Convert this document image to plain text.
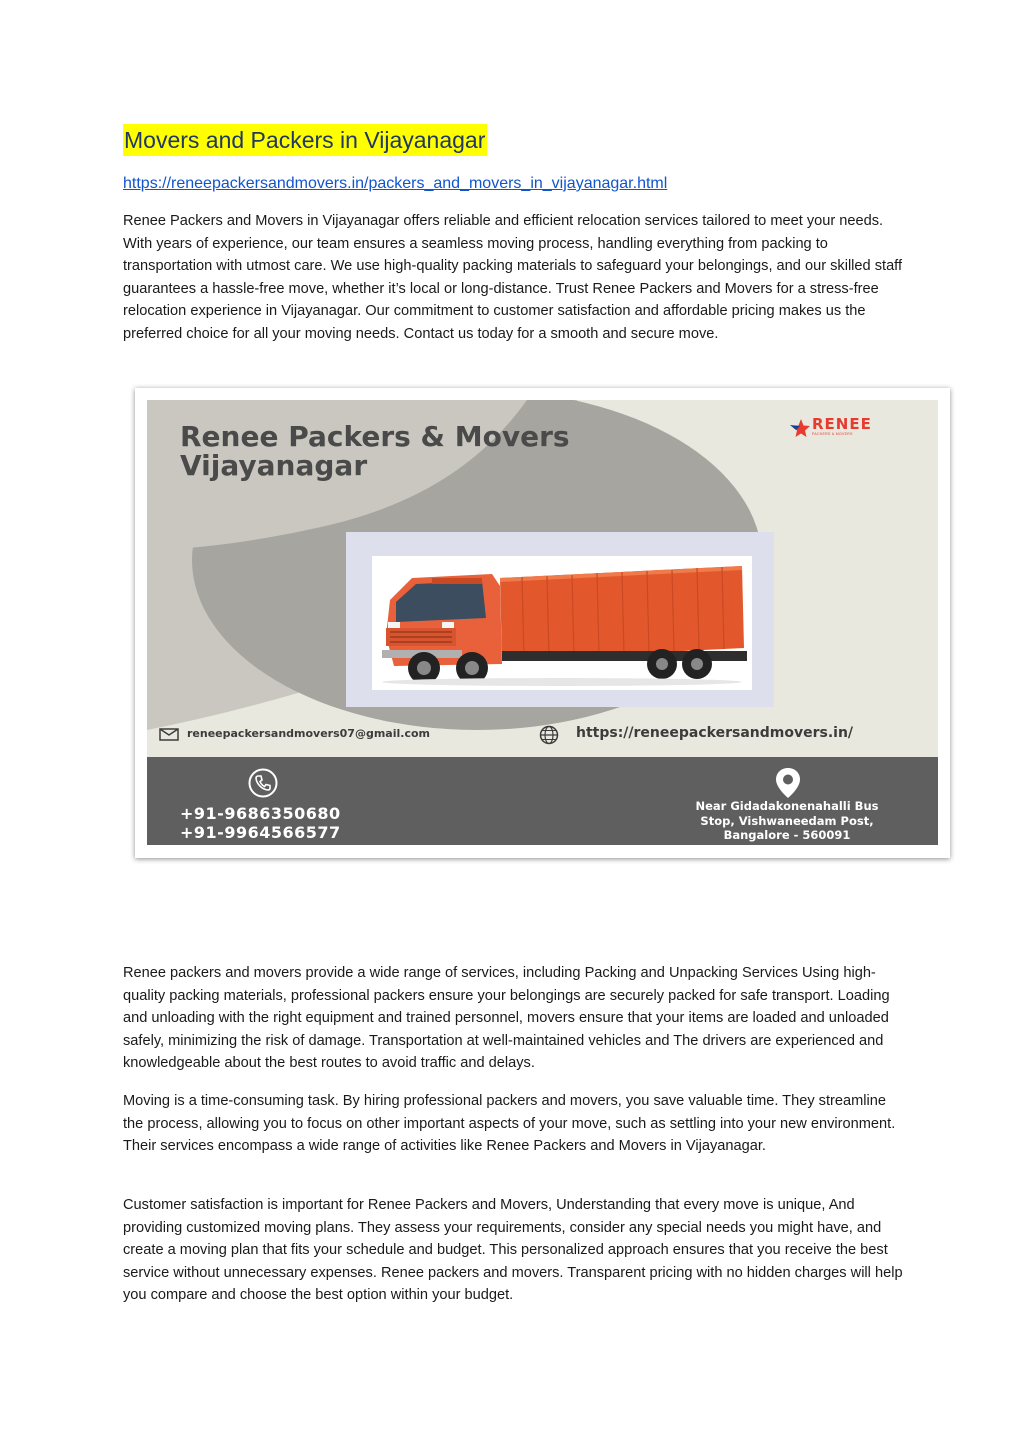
Movers and Packers in Vijayanagar
https://reneepackersandmovers.in/packers_and_movers_in_vijayanagar.html

Renee Packers and Movers in Vijayanagar offers reliable and efficient relocation services tailored to meet your needs. With years of experience, our team ensures a seamless moving process, handling everything from packing to transportation with utmost care. We use high-quality packing materials to safeguard your belongings, and our skilled staff guarantees a hassle-free move, whether it’s local or long-distance. Trust Renee Packers and Movers for a stress-free relocation experience in Vijayanagar. Our commitment to customer satisfaction and affordable pricing makes us the preferred choice for all your moving needs. Contact us today for a smooth and secure move.

Renee Packers & Movers
Vijayanagar

RENEE
PACKERS & MOVERS
reneepackersandmovers07@gmail.com	https://reneepackersandmovers.in/
+91-9686350680
+91-9964566577

Near Gidadakonenahalli Bus
Stop, Vishwaneedam Post,
Bangalore - 560091

Renee packers and movers provide a wide range of services, including Packing and Unpacking Services Using high-quality packing materials, professional packers ensure your belongings are securely packed for safe transport. Loading and unloading with the right equipment and trained personnel, movers ensure that your items are loaded and unloaded safely, minimizing the risk of damage. Transportation at well-maintained vehicles and The drivers are experienced and knowledgeable about the best routes to avoid traffic and delays.

Moving is a time-consuming task. By hiring professional packers and movers, you save valuable time. They streamline the process, allowing you to focus on other important aspects of your move, such as settling into your new environment. Their services encompass a wide range of activities like Renee Packers and Movers in Vijayanagar.

Customer satisfaction is important for Renee Packers and Movers, Understanding that every move is unique, And providing customized moving plans. They assess your requirements, consider any special needs you might have, and create a moving plan that fits your schedule and budget. This personalized approach ensures that you receive the best service without unnecessary expenses. Renee packers and movers. Transparent pricing with no hidden charges will help you compare and choose the best option within your budget.
